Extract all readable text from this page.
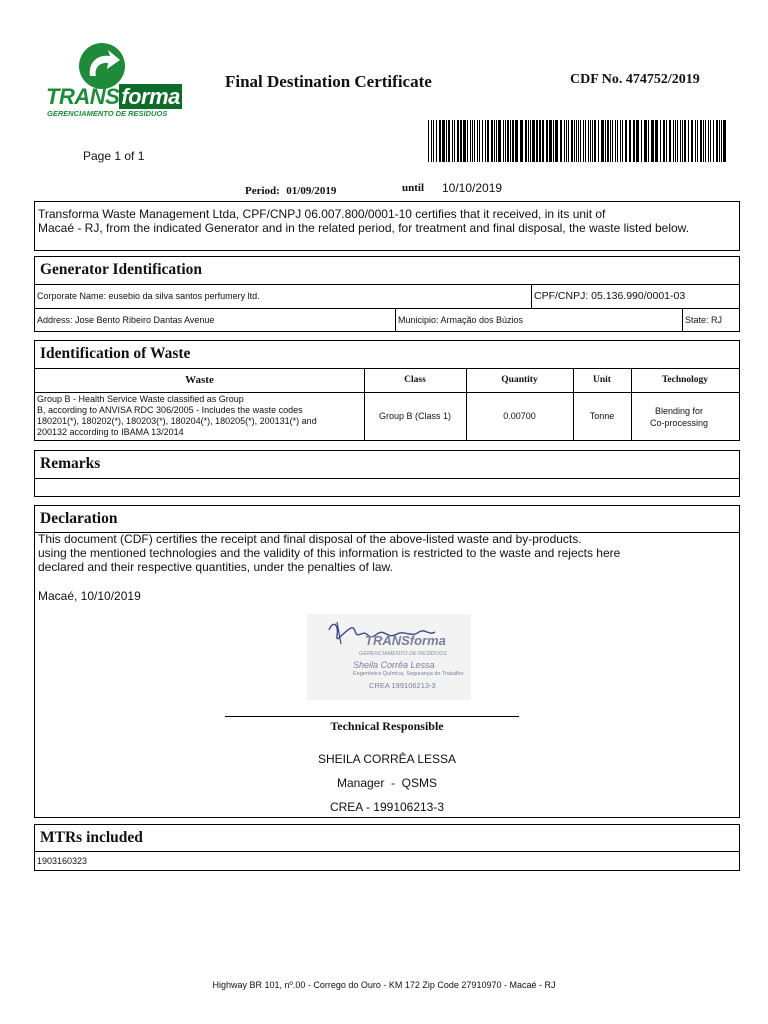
TRANSforma
GERENCIAMENTO DE RESÍDUOS
Final Destination Certificate	CDF No. 474752/2019
Page 1 of 1
Period: 01/09/2019	until 10/10/2019
Transforma Waste Management Ltda, CPF/CNPJ 06.007.800/0001-10 certifies that it received, in its unit of
Macaé - RJ, from the indicated Generator and in the related period, for treatment and final disposal, the waste listed below.
Generator Identification
Corporate Name: eusebio da silva santos perfumery ltd.	CPF/CNPJ: 05.136.990/0001-03
Address: Jose Bento Ribeiro Dantas Avenue	Municipio: Armação dos Búzios	State: RJ
Identification of Waste
Waste	Class	Quantity	Unit	Technology
Group B - Health Service Waste classified as Group
B, according to ANVISA RDC 306/2005 - Includes the waste codes
180201(*), 180202(*), 180203(*), 180204(*), 180205(*), 200131(*) and
200132 according to IBAMA 13/2014
Group B (Class 1)	0.00700	Tonne	Blending for
Co-processing
Remarks
Declaration
This document (CDF) certifies the receipt and final disposal of the above-listed waste and by-products.
using the mentioned technologies and the validity of this information is restricted to the waste and rejects here
declared and their respective quantities, under the penalties of law.
Macaé, 10/10/2019
TRANSforma
GERENCIAMENTO DE RESÍDUOS
Sheila Corrêa Lessa
Engenheira Química, Segurança do Trabalho
CREA 199106213-3
Technical Responsible
SHEILA CORRÊA LESSA
Manager  -  QSMS
CREA - 199106213-3
MTRs included
1903160323
Highway BR 101, nº.00 - Corrego do Ouro - KM 172 Zip Code 27910970 - Macaé - RJ
